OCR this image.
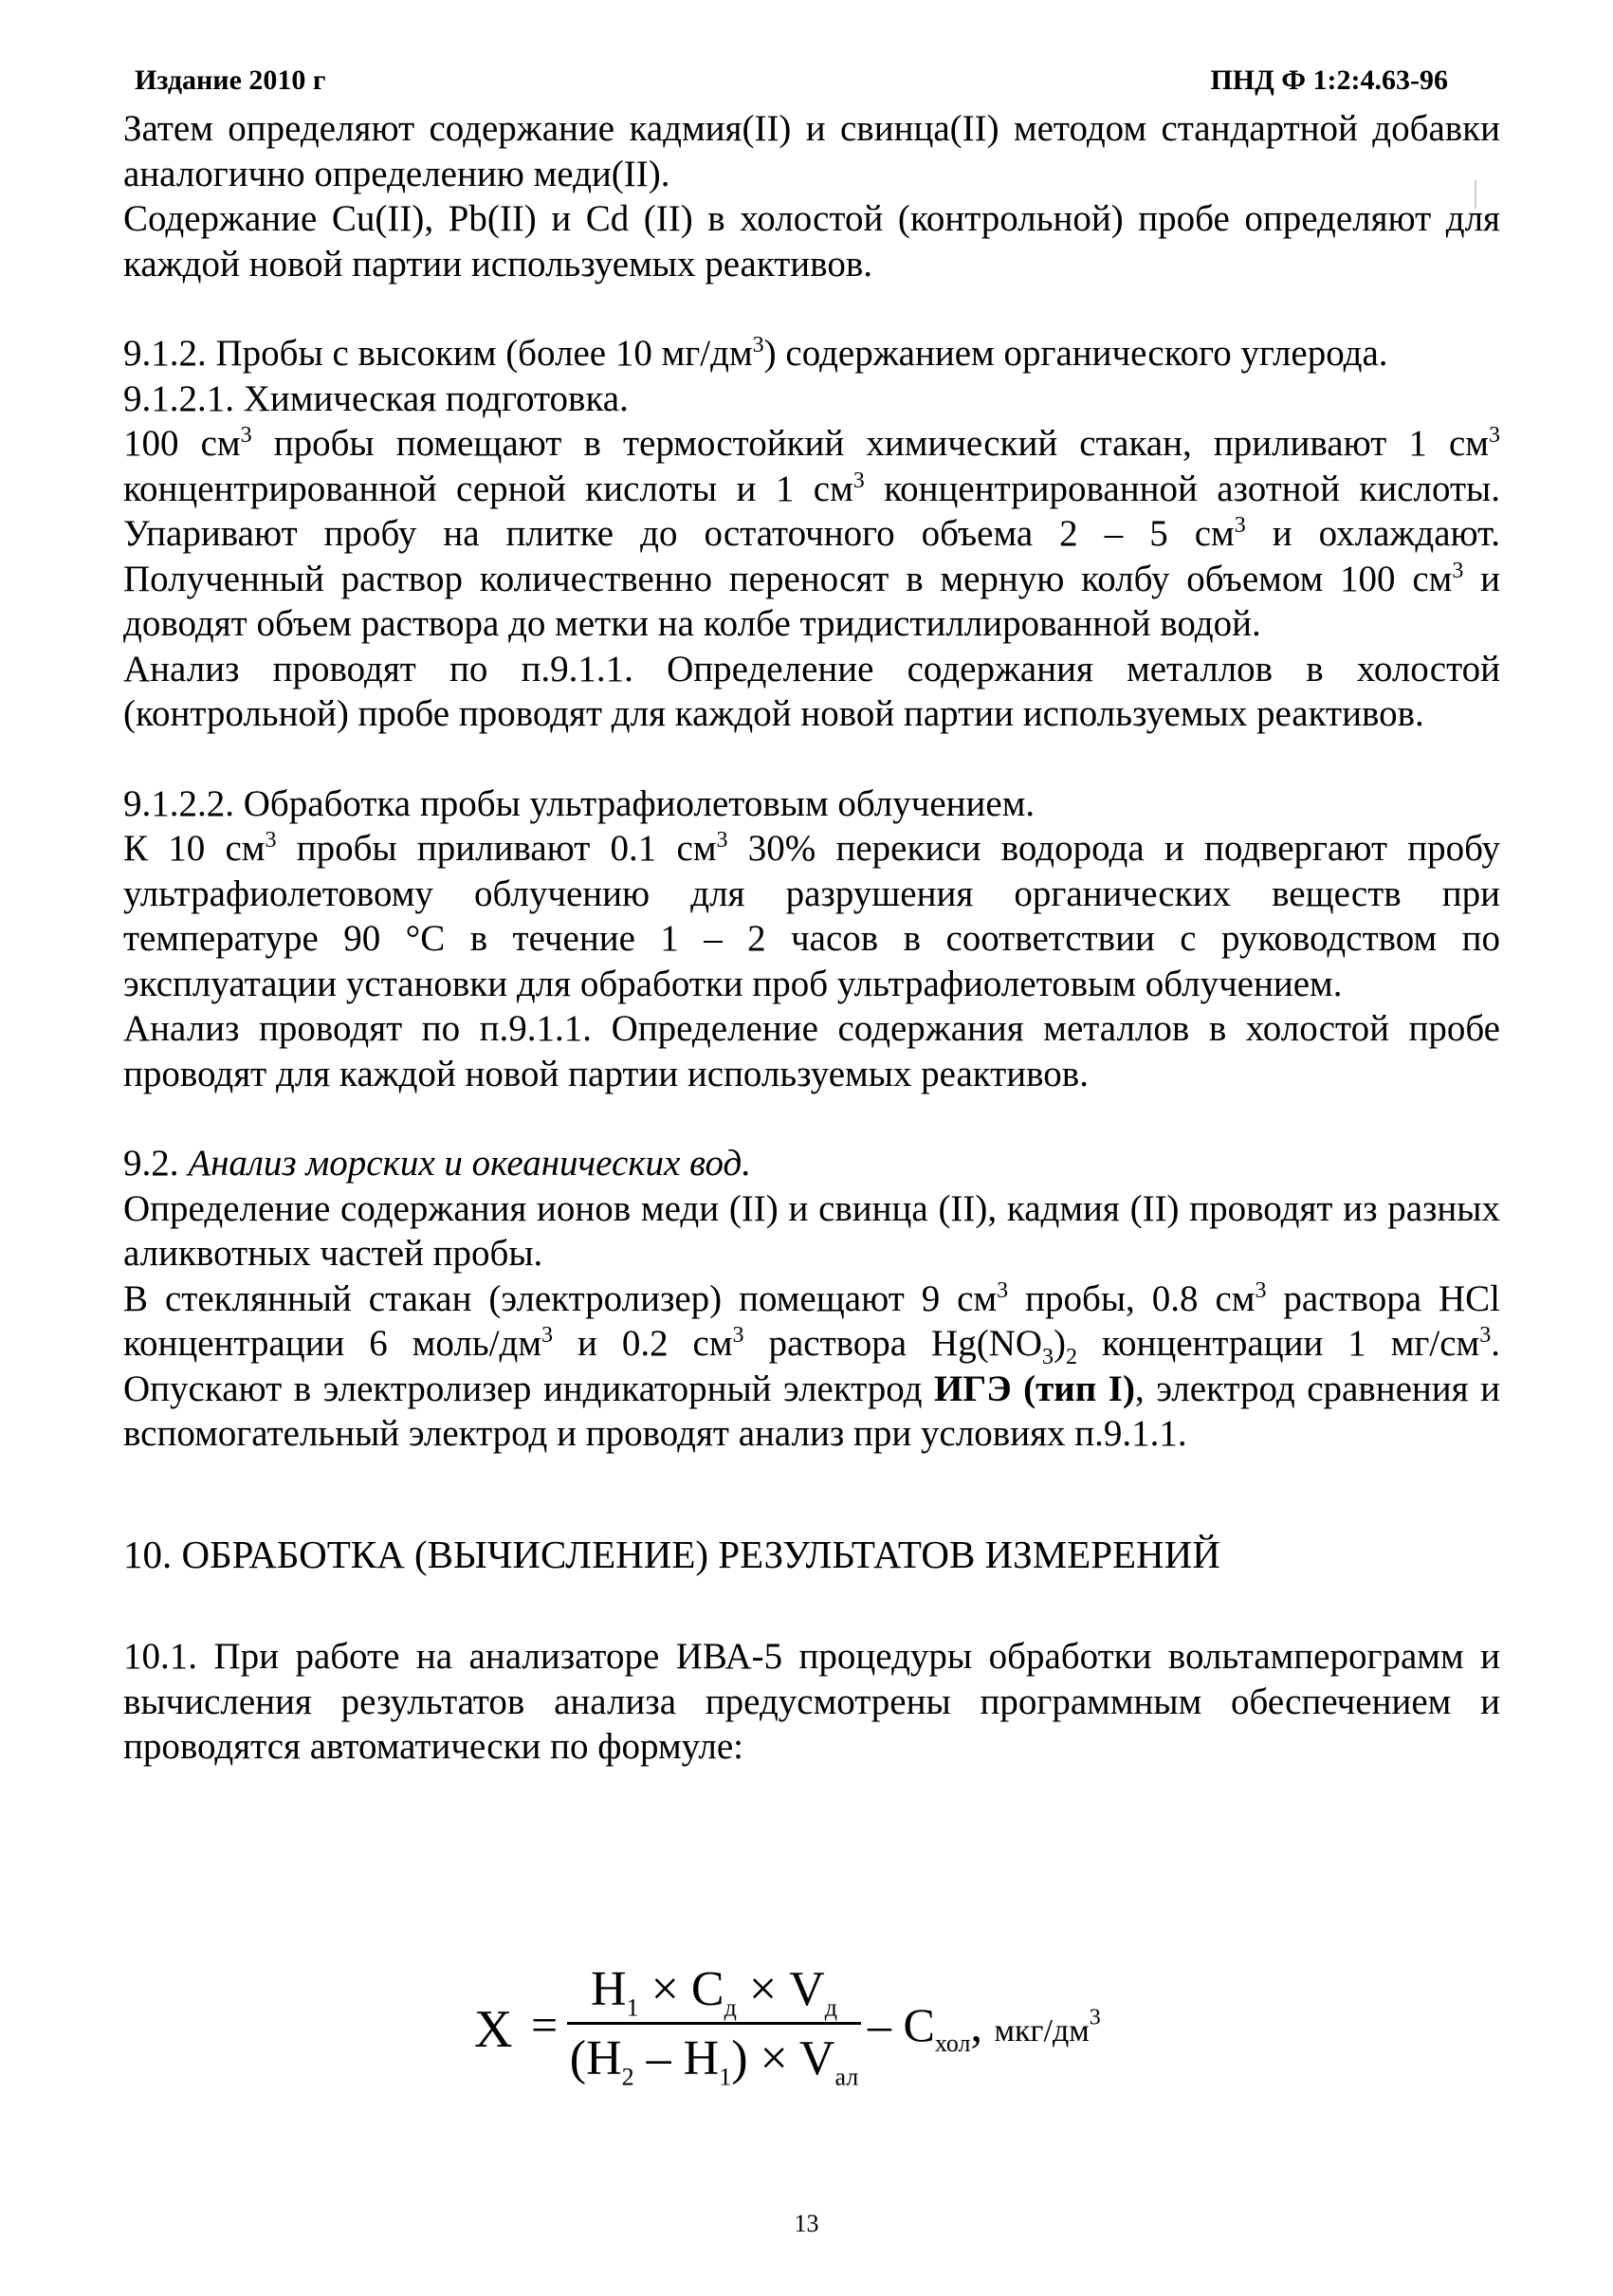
Издание 2010 г	ПНД Ф 1:2:4.63-96

Затем определяют содержание кадмия(II) и свинца(II) методом стандартной добавки аналогично определению меди(II).

Содержание Cu(II), Pb(II) и Cd (II) в холостой (контрольной) пробе определяют для каждой новой партии используемых реактивов.

9.1.2. Пробы с высоким (более 10 $мг/дм^3$) содержанием органического углерода.

9.1.2.1. Химическая подготовка.

100 $см^3$ пробы помещают в термостойкий химический стакан, приливают 1 $см^3$ концентрированной серной кислоты и 1 $см^3$ концентрированной азотной кислоты. Упаривают пробу на плитке до остаточного объема 2 – 5 $см^3$ и охлаждают. Полученный раствор количественно переносят в мерную колбу объемом 100 $см^3$ и доводят объем раствора до метки на колбе тридистиллированной водой.

Анализ проводят по п.9.1.1. Определение содержания металлов в холостой (контрольной) пробе проводят для каждой новой партии используемых реактивов.

9.1.2.2. Обработка пробы ультрафиолетовым облучением.

К 10 $см^3$ пробы приливают 0.1 $см^3$ 30% перекиси водорода и подвергают пробу ультрафиолетовому облучению для разрушения органических веществ при температуре 90 °С в течение 1 – 2 часов в соответствии с руководством по эксплуатации установки для обработки проб ультрафиолетовым облучением.

Анализ проводят по п.9.1.1. Определение содержания металлов в холостой пробе проводят для каждой новой партии используемых реактивов.

9.2. Анализ морских и океанических вод.

Определение содержания ионов меди (II) и свинца (II), кадмия (II) проводят из разных аликвотных частей пробы.

В стеклянный стакан (электролизер) помещают 9 $см^3$ пробы, 0.8 $см^3$ раствора HCl концентрации 6 моль/$дм^3$ и 0.2 $см^3$ раствора $Hg(NO_3)_2$ концентрации 1 $мг/см^3$. Опускают в электролизер индикаторный электрод ИГЭ (тип I), электрод сравнения и вспомогательный электрод и проводят анализ при условиях п.9.1.1.

10. ОБРАБОТКА (ВЫЧИСЛЕНИЕ) РЕЗУЛЬТАТОВ ИЗМЕРЕНИЙ

10.1. При работе на анализаторе ИВА-5 процедуры обработки вольтамперограмм и вычисления результатов анализа предусмотрены программным обеспечением и проводятся автоматически по формуле:

X =
$H_1 \times C_д \times V_д$
$(H_2 - H_1) \times V_{ал}$
– $C_{хол}$, мкг/$дм^3$
13
